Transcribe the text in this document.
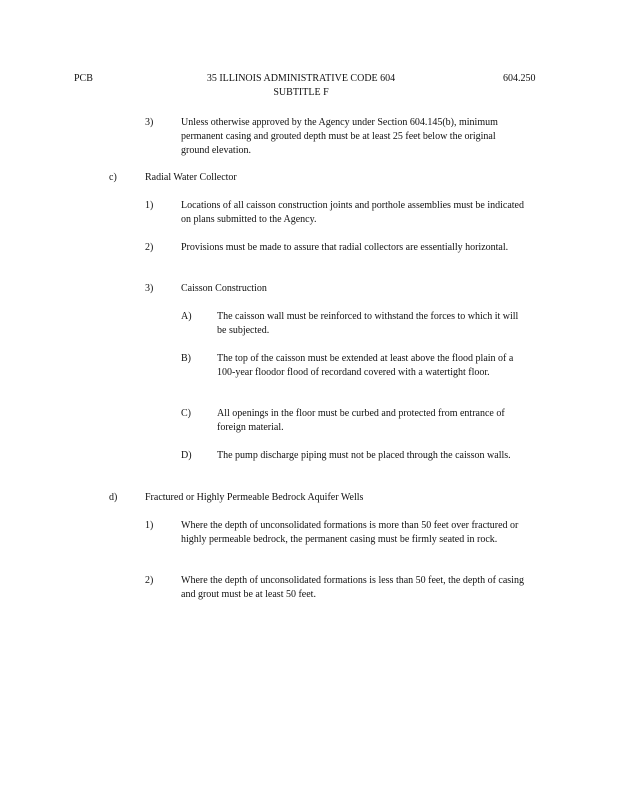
PCB	35 ILLINOIS ADMINISTRATIVE CODE 604
SUBTITLE F
604.250
3)	Unless otherwise approved by the Agency under Section 604.145(b), minimum permanent casing and grouted depth must be at least 25 feet below the original ground elevation.
c)	Radial Water Collector
1)	Locations of all caisson construction joints and porthole assemblies must be indicated on plans submitted to the Agency.
2)	Provisions must be made to assure that radial collectors are essentially horizontal.
3)	Caisson Construction
A)	The caisson wall must be reinforced to withstand the forces to which it will be subjected.
B)	The top of the caisson must be extended at least above the flood plain of a 100-year floodor flood of recordand covered with a watertight floor.
C)	All openings in the floor must be curbed and protected from entrance of foreign material.
D)	The pump discharge piping must not be placed through the caisson walls.
d)	Fractured or Highly Permeable Bedrock Aquifer Wells
1)	Where the depth of unconsolidated formations is more than 50 feet over fractured or highly permeable bedrock, the permanent casing must be firmly seated in rock.
2)	Where the depth of unconsolidated formations is less than 50 feet, the depth of casing and grout must be at least 50 feet.
